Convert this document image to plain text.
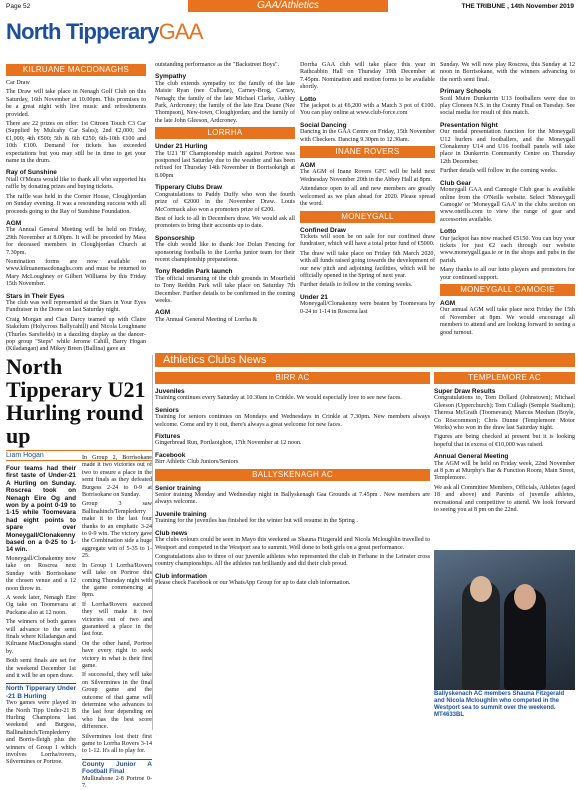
Page 52	GAA/Athletics	THE TRIBUNE , 14th November 2019
North TipperaryGAA
KILRUANE MACDONAGHS

Car Draw

The Draw will take place in Nenagh Golf Club on this Saturday, 16th November at 10.00pm. This promises to be a great night with live music and refreshments provided.

There are 22 prizes on offer: 1st Citroen Touch C3 Car (Supplied by Mulcahy Car Sales); 2nd €2,000; 3rd €1,000; 4th €500; 5th & 6th €250; 6th-10th €100 and 10th €100. Demand for tickets has exceeded expectations but you may still be in time to get your name in the drum.

Ray of Sunshine

Niall O'Meara would like to thank all who supported his raffle by donating prizes and buying tickets.

The raffle was held in the Corner House, Cloughjordan on Sunday evening. It was a resounding success with all proceeds going to the Ray of Sunshine Foundation.

AGM

The Annual General Meeting will be held on Friday, 29th November at 8.00pm. It will be preceded by Mass for deceased members in Cloughjordan Church at 7.30pm.

Nomination forms are now available on www.kilruanemacdonaghs.com and must be returned to Mary McLoughney or Gilbert Williams by this Friday 15th November.

Stars in Their Eyes

The club was well represented at the Stars in Your Eyes Fundraiser in the Dome on last Saturday night.

Craig Morgan and Cian Darcy teamed up with Claire Stakelum (Holycross Ballycahill) and Nicola Loughnane (Thurles Sarsfields) in a dazzling display as the dancer-pop group "Steps" while Jerome Cahill, Barry Hogan (Kiladangan) and Mikey Breen (Ballina) gave an

outstanding performance as the "Backstreet Boys".

Sympathy

The club extends sympathy to: the family of the late Maisie Ryan (nee Culhane), Carney-Brog, Carney, Nenagh; the family of the late Michael Clarke, Ashley Park, Ardcroney; the family of the late Ena Deane (Nee Thompson), New-town, Cloughjordan; and the family of the late John Gleeson, Ardcroney.

LORRHA
Under 21 Hurling

The U21 'B' Championship match against Portroe was postponed last Saturday due to the weather and has been refixed for Thursday 14th November in Borrisokeigh at 8.00pm

Tipperary Clubs Draw

Congratulations to Paddy Duffy who won the fourth prize of €2000 in the November Draw. Louis McCormack also won a promoters prize of €200.

Best of luck to all in Decembers draw. We would ask all promoters to bring their accounts up to date.

Sponsorship

The club would like to thank Joe Dolan Fencing for sponsoring footballs to the Lorrha junior team for their recent championship preparations.

Tony Reddin Park launch

The official renaming of the club grounds in Mourfield to Tony Reddin Park will take place on Saturday 7th December. Further details to be confirmed in the coming weeks.

AGM

The Annual General Meeting of Lorrha &

Dorrha GAA club will take place this year in Rathcabbin Hall on Thursday 19th December at 7.45pm. Nomination and motion forms to be available shortly.

Lotto

The jackpot is at €6,200 with a Match 3 pot of €100. You can play online at www.club-force.com

Social Dancing

Dancing in the GAA Centre on Friday, 15th November with Checkers. Dancing 9.30pm to 12.30am.

INANE ROVERS
AGM

The AGM of Inane Rovers GFC will be held next Wednesday November 20th in the Abbey Hall at 8pm.

Attendance open to all and new members are greatly welcomed as we plan ahead for 2020. Please spread the word.

MONEYGALL
Confined Draw

Tickets will soon be on sale for our confined draw fundraiser, which will have a total prize fund of €5000.

The draw will take place on Friday 6th March 2020, with all funds raised going towards the development of our new pitch and adjoining facilities, which will be officially opened in the Spring of next year.

Further details to follow in the coming weeks.

Under 21

Moneygall/Clonakenny were beaten by Toomevara by 0-24 to 1-14 in Roscrea last

Sunday. We will now play Roscrea, this Sunday at 12 noon in Borrisokane, with the winners advancing to the north semi final.

Primary Schools

Scoil Muire Dunkerrin U13 footballers were due to play Cloneen N.S. in the County Final on Tuesday. See social media for result of this match.

Presentation Night

Our medal presentation function for the Moneygall U12 hurlers and footballers, and the Moneygall Clonakenny U14 and U16 football panels will take place in Dunkerrin Community Centre on Thursday 12th December.

Further details will follow in the coming weeks.

Club Gear

Moneygall GAA and Camogie Club gear is available online from the O'Neills website. Select 'Moneygall Camogie' or 'Moneygall GAA' in the clubs section on www.oneills.com to view the range of gear and accessories available.

Lotto

Our jackpot has now reached €5150. You can buy your tickets for just €2 each through our website www.moneygall.gaa.ie or in the shops and pubs in the parish.

Many thanks to all our lotto players and promoters for your continued support.

MONEYGALL CAMOGIE
AGM

Our annual AGM will take place next Friday the 15th of November at 8pm. We would encourage all members to attend and are looking forward to seeing a good turnout.

Athletics Clubs News
North Tipperary U21 Hurling round up
Liam Hogan

Four teams had their first taste of Under-21 A Hurling on Sunday. Roscrea took on Nenagh Eire Og and won by a point 0-19 to 1-15 while Toomevara had eight points to spare over Moneygall/Clonakenny based on a 0-25 to 1-14 win.

Moneygall/Clonakenny now take on Roscrea next Sunday with Borrisokane the chosen venue and a 12 noon throw in.

A week later, Nenagh Eire Og take on Toomevara at Puckane also at 12 noon.

The winners of both games will advance to the semi finals where Kiladangan and Kilruane MacDonaghs stand by.

Both semi finals are set for the weekend December 1st and it will be an open draw.

North Tipperary Under -21 B Hurling

Two games were played in the North Tipp Under-21 B Hurling Champions last weekend and Burgess, Ballinahinch/Templederry and Borris-Ileigh plus the winners of Group 1 which involves Lorrha/rovers, Silvermines or Portroe.

In Group 2, Borrisokane made it two victories out of two to ensure a place in the semi finals as they defeated Burgess 2-24 to 0-9 at Borrisokane on Sunday.

Group 3 saw Ballinahinch/Templederry make it to the last four thanks to an emphatic 3-24 to 0-9 win. The victory gave the Combination side a huge aggregate win of 5-35 to 1-25.

In Group 1 Lorrha/Rovers will take on Portroe this coming Thursday night with the game commencing at 8pm.

If Lorrha/Rovers succeed they will make it two victories out of two and guaranteed a place in the last four.

On the other hand, Portroe have every right to seek victory in what is their first game.

If successful, they will take on Silvermines in the final Group game and the outcome of that game will determine who advances to the last four depending on who has the best score difference.

Silvermines lost their first game to Lorrha Rovers 3-14 to 1-12. It's all to play for.

County Junior A Football Final

Mullinahone 2-8 Portroe 0-7.

BIRR AC
Juveniles

Training continues every Saturday at 10.30am in Crinkle. We would especially love to see new faces.

Seniors

Training for seniors continues on Mondays and Wednesdays in Crinkle at 7.30pm. New members always welcome. Come and try it out, there's always a great welcome for new faces.

Fixtures

Gingerbread Run, Portlaoighon, 17th November at 12 noon.

Facebook

Birr Athletic Club Juniors/Seniors

BALLYSKENAGH AC
Senior training

Senior training Monday and Wednesday night in Ballyskenagh Gaa Grounds at 7.45pm . New members are always welcome.

Juvenile training

Training for the juveniles has finished for the winter but will resume in the Spring .

Club news

The clubs colours could be seen in Mayo this weekend as Shauna Fitzgerald and Nicola Mcloughlin travelled to Westport and competed in the Westport sea to summit. Well done to both girls on a great performance.

Congratulations also to three of our juvenile athletes who represented the club in Ferbane in the Leinster cross country championships. All the athletes ran brilliantly and did their club proud.

Club information

Please check Facebook or our WhatsApp Group for up to date club information.

TEMPLEMORE AC
Super Draw Results

Congratulations to, Tom Dollard (Johnstown); Michael Gleeson (Upperchurch); Tom Cullagh (Semple Stadium); Theresa McGrath (Toomevara); Marcus Meehan (Boyle, Co Roscommon); Chris Dunne (Templemore Motor Works) who won in the draw last Saturday night.

Figures are being checked at present but it is looking hopeful that in excess of €10,000 was raised.

Annual General Meeting

The AGM will be held on Friday week, 22nd November at 8 p.m at Murphy's Bar & Function Room, Main Street, Templemore.

We ask all Committee Members, Officials, Athletes (aged 18 and above) and Parents of juvenile athletes, recreational and competitive to attend. We look forward to seeing you at 8 pm on the 22nd.

Ballyskenach AC members Shauna Fitzgerald and Nicola Mcloughlin who competed in the Westport sea to summit over the weekend. MT4633BL
